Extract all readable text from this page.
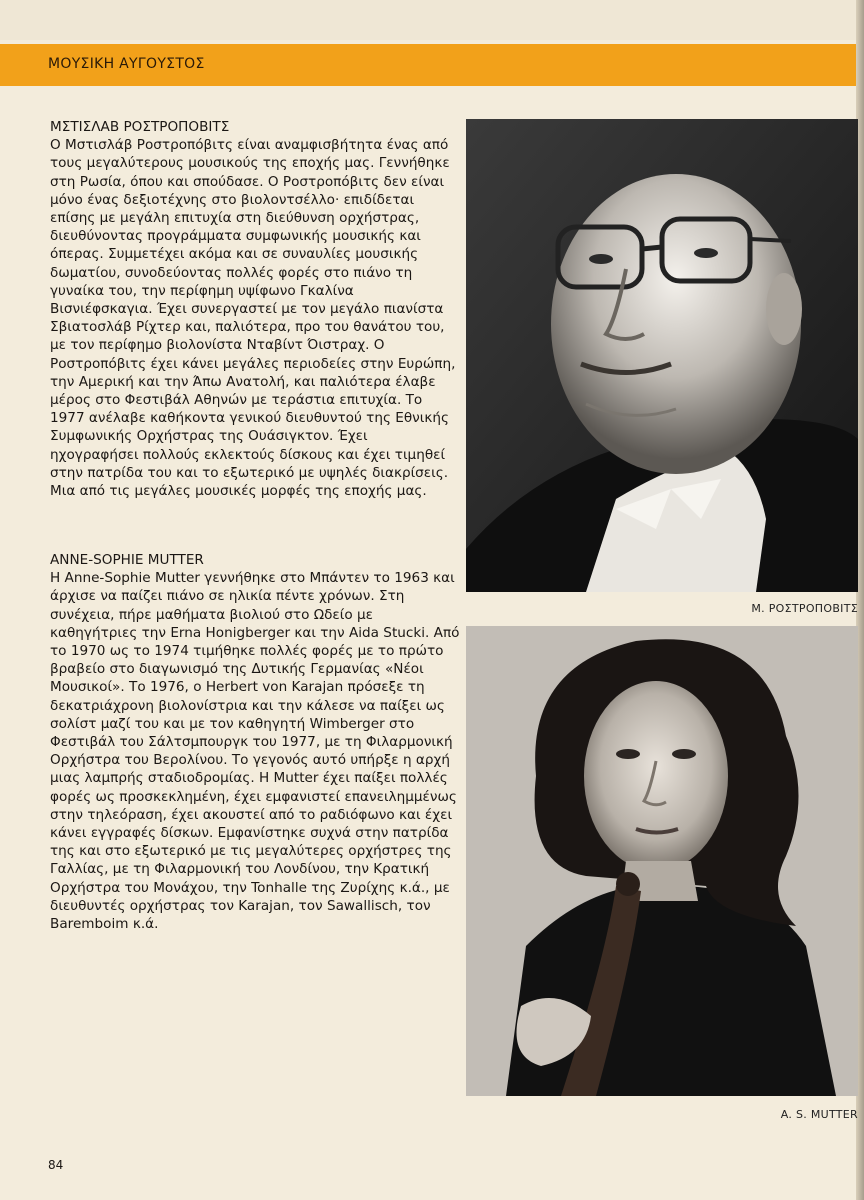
ΜΟΥΣΙΚΗ ΑΥΓΟΥΣΤΟΣ
ΜΣΤΙΣΛΑΒ ΡΟΣΤΡΟΠΟΒΙΤΣ
Ο Μστισλάβ Ροστροπόβιτς είναι αναμφισβήτητα ένας από τους μεγαλύτερους μουσικούς της εποχής μας. Γεννήθηκε στη Ρωσία, όπου και σπούδασε. Ο Ροστροπόβιτς δεν είναι μόνο ένας δεξιοτέχνης στο βιολοντσέλλο· επιδίδεται επίσης με μεγάλη επιτυχία στη διεύθυνση ορχήστρας, διευθύνοντας προγράμματα συμφωνικής μουσικής και όπερας. Συμμετέχει ακόμα και σε συναυλίες μουσικής δωματίου, συνοδεύοντας πολλές φορές στο πιάνο τη γυναίκα του, την περίφημη υψίφωνο Γκαλίνα Βισνιέφσκαγια. Έχει συνεργαστεί με τον μεγάλο πιανίστα Σβιατοσλάβ Ρίχτερ και, παλιότερα, προ του θανάτου του, με τον περίφημο βιολονίστα Νταβίντ Όιστραχ. Ο Ροστροπόβιτς έχει κάνει μεγάλες περιοδείες στην Ευρώπη, την Αμερική και την Άπω Ανατολή, και παλιότερα έλαβε μέρος στο Φεστιβάλ Αθηνών με τεράστια επιτυχία. Το 1977 ανέλαβε καθήκοντα γενικού διευθυντού της Εθνικής Συμφωνικής Ορχήστρας της Ουάσιγκτον. Έχει ηχογραφήσει πολλούς εκλεκτούς δίσκους και έχει τιμηθεί στην πατρίδα του και το εξωτερικό με υψηλές διακρίσεις. Μια από τις μεγάλες μουσικές μορφές της εποχής μας.
ANNE-SOPHIE MUTTER
Η Anne-Sophie Mutter γεννήθηκε στο Μπάντεν το 1963 και άρχισε να παίζει πιάνο σε ηλικία πέντε χρόνων. Στη συνέχεια, πήρε μαθήματα βιολιού στο Ωδείο με καθηγήτριες την Erna Honigberger και την Aida Stucki. Από το 1970 ως το 1974 τιμήθηκε πολλές φορές με το πρώτο βραβείο στο διαγωνισμό της Δυτικής Γερμανίας «Νέοι Μουσικοί». Το 1976, ο Herbert von Karajan πρόσεξε τη δεκατριάχρονη βιολονίστρια και την κάλεσε να παίξει ως σολίστ μαζί του και με τον καθηγητή Wimberger στο Φεστιβάλ του Σάλτσμπουργκ του 1977, με τη Φιλαρμονική Ορχήστρα του Βερολίνου. Το γεγονός αυτό υπήρξε η αρχή μιας λαμπρής σταδιοδρομίας. Η Mutter έχει παίξει πολλές φορές ως προσκεκλημένη, έχει εμφανιστεί επανειλημμένως στην τηλεόραση, έχει ακουστεί από το ραδιόφωνο και έχει κάνει εγγραφές δίσκων. Εμφανίστηκε συχνά στην πατρίδα της και στο εξωτερικό με τις μεγαλύτερες ορχήστρες της Γαλλίας, με τη Φιλαρμονική του Λονδίνου, την Κρατική Ορχήστρα του Μονάχου, την Tonhalle της Ζυρίχης κ.ά., με διευθυντές ορχήστρας τον Karajan, τον Sawallisch, τον Baremboim κ.ά.
Μ. ΡΟΣΤΡΟΠΟΒΙΤΣ
A. S. MUTTER
84
